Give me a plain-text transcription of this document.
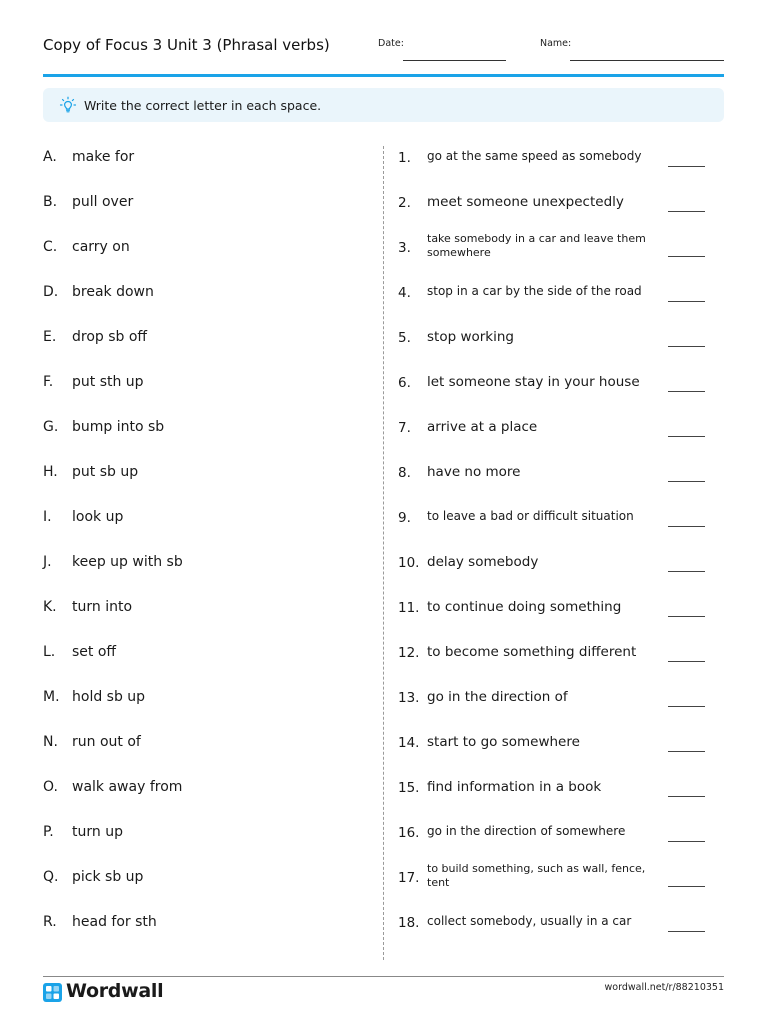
Copy of Focus 3 Unit 3 (Phrasal verbs)	Date:	Name:
Write the correct letter in each space.
A. make for
B. pull over
C. carry on
D. break down
E. drop sb off
F. put sth up
G. bump into sb
H. put sb up
I. look up
J. keep up with sb
K. turn into
L. set off
M. hold sb up
N. run out of
O. walk away from
P. turn up
Q. pick sb up
R. head for sth
1. go at the same speed as somebody
2. meet someone unexpectedly
3.
take somebody in a car and leave them somewhere
4. stop in a car by the side of the road
5. stop working
6. let someone stay in your house
7. arrive at a place
8. have no more
9. to leave a bad or difficult situation
10. delay somebody
11. to continue doing something
12. to become something different
13. go in the direction of
14. start to go somewhere
15. find information in a book
16. go in the direction of somewhere
17.
to build something, such as wall, fence, tent
18. collect somebody, usually in a car
Wordwall	wordwall.net/r/88210351
